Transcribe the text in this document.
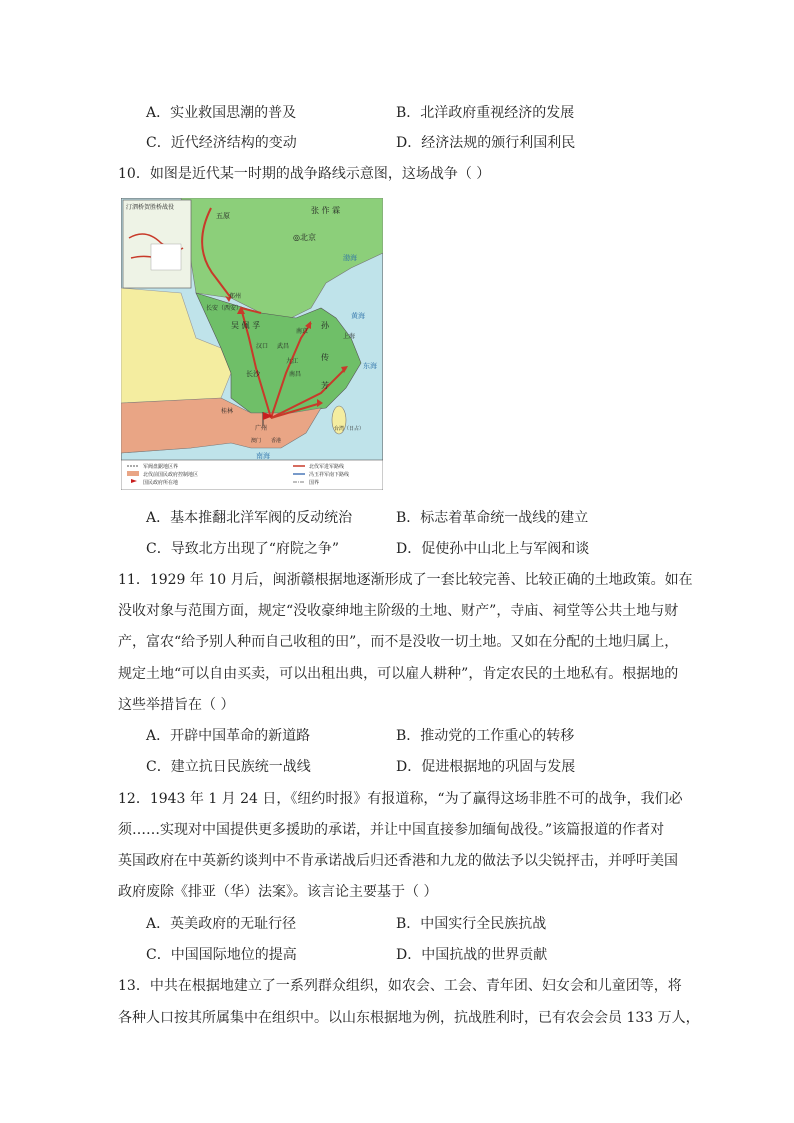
A．实业救国思潮的普及	B．北洋政府重视经济的发展
C．近代经济结构的变动	D．经济法规的颁行利国利民
10．如图是近代某一时期的战争路线示意图，这场战争（ ）
汀泗桥贺胜桥战役	张 作 霖
◎北京
五原
渤海
黄海
东海
南海
长安（西安）
郑州
吴 佩 孚	孙
传
芳
南京
上海
汉口 武昌
九江
南昌
长沙
桂林
广州
香港
澳门
台湾（日占）
军阀盘踞地区界
北伐前国民政府控制地区
国民政府所在地
北伐军进军路线
冯玉祥军南下路线
国界
A．基本推翻北洋军阀的反动统治	B．标志着革命统一战线的建立
C．导致北方出现了“府院之争”	D．促使孙中山北上与军阀和谈
11．1929 年 10 月后，闽浙赣根据地逐渐形成了一套比较完善、比较正确的土地政策。如在
没收对象与范围方面，规定“没收豪绅地主阶级的土地、财产”，寺庙、祠堂等公共土地与财
产，富农“给予别人种而自己收租的田”，而不是没收一切土地。又如在分配的土地归属上，
规定土地“可以自由买卖，可以出租出典，可以雇人耕种”，肯定农民的土地私有。根据地的
这些举措旨在（ ）
A．开辟中国革命的新道路	B．推动党的工作重心的转移
C．建立抗日民族统一战线	D．促进根据地的巩固与发展
12．1943 年 1 月 24 日，《纽约时报》有报道称，“为了赢得这场非胜不可的战争，我们必
须……实现对中国提供更多援助的承诺，并让中国直接参加缅甸战役。”该篇报道的作者对
英国政府在中英新约谈判中不肯承诺战后归还香港和九龙的做法予以尖锐抨击，并呼吁美国
政府废除《排亚（华）法案》。该言论主要基于（ ）
A．英美政府的无耻行径	B．中国实行全民族抗战
C．中国国际地位的提高	D．中国抗战的世界贡献
13．中共在根据地建立了一系列群众组织，如农会、工会、青年团、妇女会和儿童团等，将
各种人口按其所属集中在组织中。以山东根据地为例，抗战胜利时，已有农会会员 133 万人，
